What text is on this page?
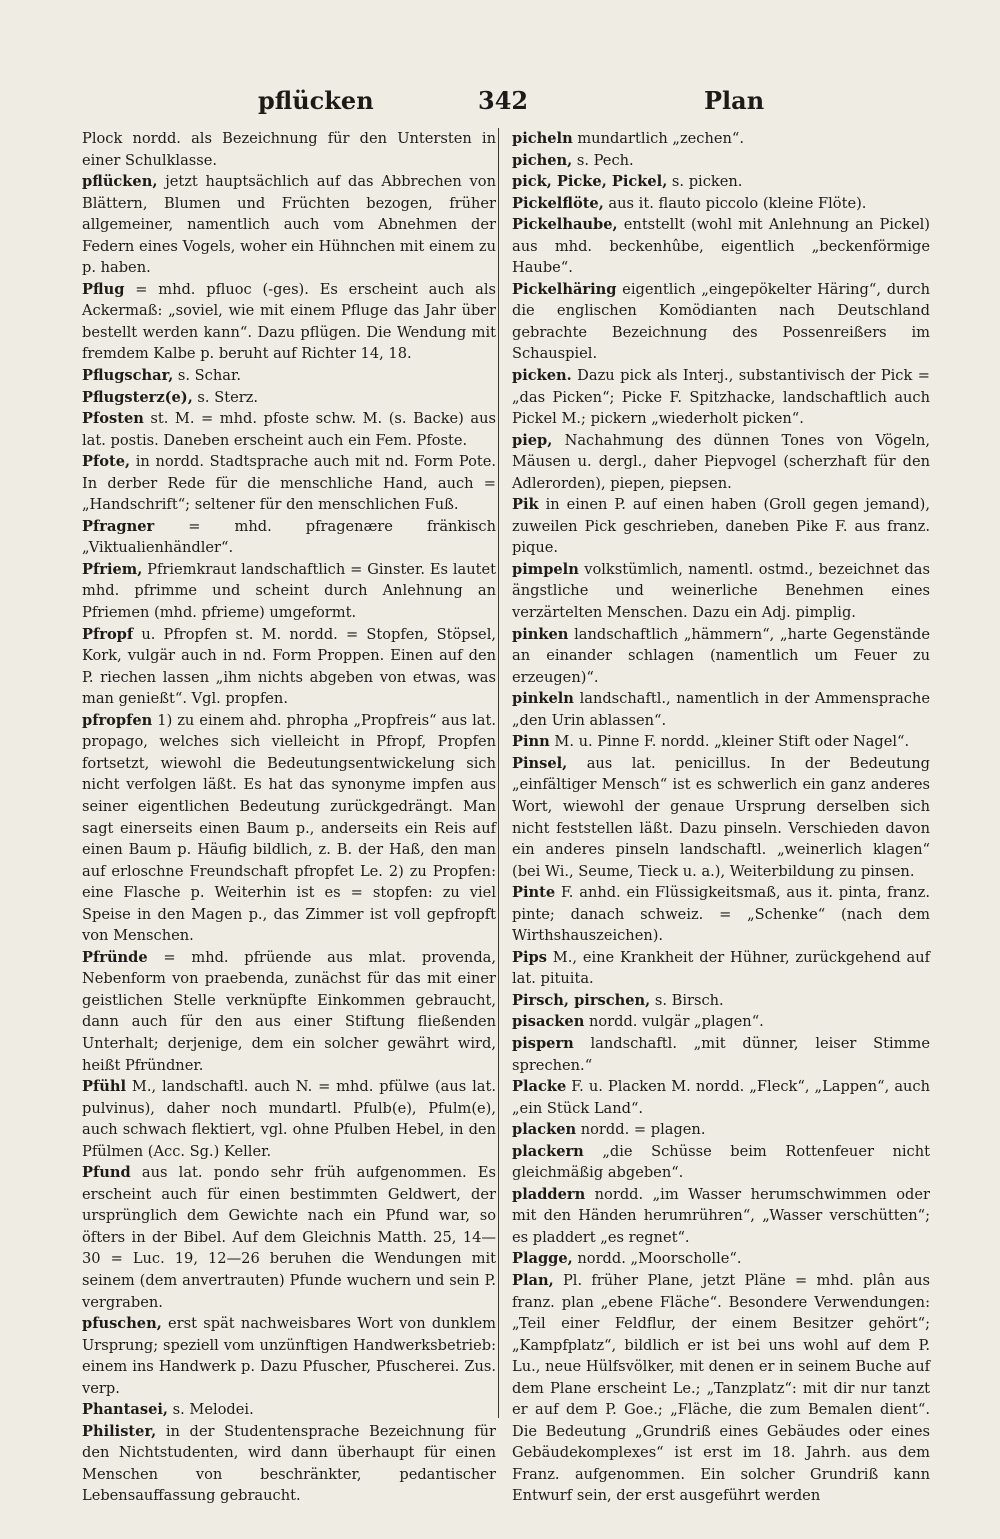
pflücken	342	Plan

Plock nordd. als Bezeichnung für den Untersten in einer Schulklasse.

pflücken, jetzt hauptsächlich auf das Abbrechen von Blättern, Blumen und Früchten bezogen, früher allgemeiner, namentlich auch vom Abnehmen der Federn eines Vogels, woher ein Hühnchen mit einem zu p. haben.

Pflug = mhd. pfluoc (-ges). Es erscheint auch als Ackermaß: „soviel, wie mit einem Pfluge das Jahr über bestellt werden kann“. Dazu pflügen. Die Wendung mit fremdem Kalbe p. beruht auf Richter 14, 18.

Pflugschar, s. Schar.

Pflugsterz(e), s. Sterz.

Pfosten st. M. = mhd. pfoste schw. M. (s. Backe) aus lat. postis. Daneben erscheint auch ein Fem. Pfoste.

Pfote, in nordd. Stadtsprache auch mit nd. Form Pote. In derber Rede für die menschliche Hand, auch = „Handschrift“; seltener für den menschlichen Fuß.

Pfragner = mhd. pfragenære fränkisch „Viktualienhändler“.

Pfriem, Pfriemkraut landschaftlich = Ginster. Es lautet mhd. pfrimme und scheint durch Anlehnung an Pfriemen (mhd. pfrieme) umgeformt.

Pfropf u. Pfropfen st. M. nordd. = Stopfen, Stöpsel, Kork, vulgär auch in nd. Form Proppen. Einen auf den P. riechen lassen „ihm nichts abgeben von etwas, was man genießt“. Vgl. propfen.

pfropfen 1) zu einem ahd. phropha „Propfreis“ aus lat. propago, welches sich vielleicht in Pfropf, Propfen fortsetzt, wiewohl die Bedeutungsentwickelung sich nicht verfolgen läßt. Es hat das synonyme impfen aus seiner eigentlichen Bedeutung zurückgedrängt. Man sagt einerseits einen Baum p., anderseits ein Reis auf einen Baum p. Häufig bildlich, z. B. der Haß, den man auf erloschne Freundschaft pfropfet Le. 2) zu Propfen: eine Flasche p. Weiterhin ist es = stopfen: zu viel Speise in den Magen p., das Zimmer ist voll gepfropft von Menschen.

Pfründe = mhd. pfrüende aus mlat. provenda, Nebenform von praebenda, zunächst für das mit einer geistlichen Stelle verknüpfte Einkommen gebraucht, dann auch für den aus einer Stiftung fließenden Unterhalt; derjenige, dem ein solcher gewährt wird, heißt Pfründner.

Pfühl M., landschaftl. auch N. = mhd. pfülwe (aus lat. pulvinus), daher noch mundartl. Pfulb(e), Pfulm(e), auch schwach flektiert, vgl. ohne Pfulben Hebel, in den Pfülmen (Acc. Sg.) Keller.

Pfund aus lat. pondo sehr früh aufgenommen. Es erscheint auch für einen bestimmten Geldwert, der ursprünglich dem Gewichte nach ein Pfund war, so öfters in der Bibel. Auf dem Gleichnis Matth. 25, 14—30 = Luc. 19, 12—26 beruhen die Wendungen mit seinem (dem anvertrauten) Pfunde wuchern und sein P. vergraben.

pfuschen, erst spät nachweisbares Wort von dunklem Ursprung; speziell vom unzünftigen Handwerksbetrieb: einem ins Handwerk p. Dazu Pfuscher, Pfuscherei. Zus. verp.

Phantasei, s. Melodei.

Philister, in der Studentensprache Bezeichnung für den Nichtstudenten, wird dann überhaupt für einen Menschen von beschränkter, pedantischer Lebensauffassung gebraucht.

picheln mundartlich „zechen“.

pichen, s. Pech.

pick, Picke, Pickel, s. picken.

Pickelflöte, aus it. flauto piccolo (kleine Flöte).

Pickelhaube, entstellt (wohl mit Anlehnung an Pickel) aus mhd. beckenhûbe, eigentlich „beckenförmige Haube“.

Pickelhäring eigentlich „eingepökelter Häring“, durch die englischen Komödianten nach Deutschland gebrachte Bezeichnung des Possenreißers im Schauspiel.

picken. Dazu pick als Interj., substantivisch der Pick = „das Picken“; Picke F. Spitzhacke, landschaftlich auch Pickel M.; pickern „wiederholt picken“.

piep, Nachahmung des dünnen Tones von Vögeln, Mäusen u. dergl., daher Piepvogel (scherzhaft für den Adlerorden), piepen, piepsen.

Pik in einen P. auf einen haben (Groll gegen jemand), zuweilen Pick geschrieben, daneben Pike F. aus franz. pique.

pimpeln volkstümlich, namentl. ostmd., bezeichnet das ängstliche und weinerliche Benehmen eines verzärtelten Menschen. Dazu ein Adj. pimplig.

pinken landschaftlich „hämmern“, „harte Gegenstände an einander schlagen (namentlich um Feuer zu erzeugen)“.

pinkeln landschaftl., namentlich in der Ammensprache „den Urin ablassen“.

Pinn M. u. Pinne F. nordd. „kleiner Stift oder Nagel“.

Pinsel, aus lat. penicillus. In der Bedeutung „einfältiger Mensch“ ist es schwerlich ein ganz anderes Wort, wiewohl der genaue Ursprung derselben sich nicht feststellen läßt. Dazu pinseln. Verschieden davon ein anderes pinseln landschaftl. „weinerlich klagen“ (bei Wi., Seume, Tieck u. a.), Weiterbildung zu pinsen.

Pinte F. anhd. ein Flüssigkeitsmaß, aus it. pinta, franz. pinte; danach schweiz. = „Schenke“ (nach dem Wirthshauszeichen).

Pips M., eine Krankheit der Hühner, zurückgehend auf lat. pituita.

Pirsch, pirschen, s. Birsch.

pisacken nordd. vulgär „plagen“.

pispern landschaftl. „mit dünner, leiser Stimme sprechen.“

Placke F. u. Placken M. nordd. „Fleck“, „Lappen“, auch „ein Stück Land“.

placken nordd. = plagen.

plackern „die Schüsse beim Rottenfeuer nicht gleichmäßig abgeben“.

pladdern nordd. „im Wasser herumschwimmen oder mit den Händen herumrühren“, „Wasser verschütten“; es pladdert „es regnet“.

Plagge, nordd. „Moorscholle“.

Plan, Pl. früher Plane, jetzt Pläne = mhd. plân aus franz. plan „ebene Fläche“. Besondere Verwendungen: „Teil einer Feldflur, der einem Besitzer gehört“; „Kampfplatz“, bildlich er ist bei uns wohl auf dem P. Lu., neue Hülfsvölker, mit denen er in seinem Buche auf dem Plane erscheint Le.; „Tanzplatz“: mit dir nur tanzt er auf dem P. Goe.; „Fläche, die zum Bemalen dient“. Die Bedeutung „Grundriß eines Gebäudes oder eines Gebäudekomplexes“ ist erst im 18. Jahrh. aus dem Franz. aufgenommen. Ein solcher Grundriß kann Entwurf sein, der erst ausgeführt werden
